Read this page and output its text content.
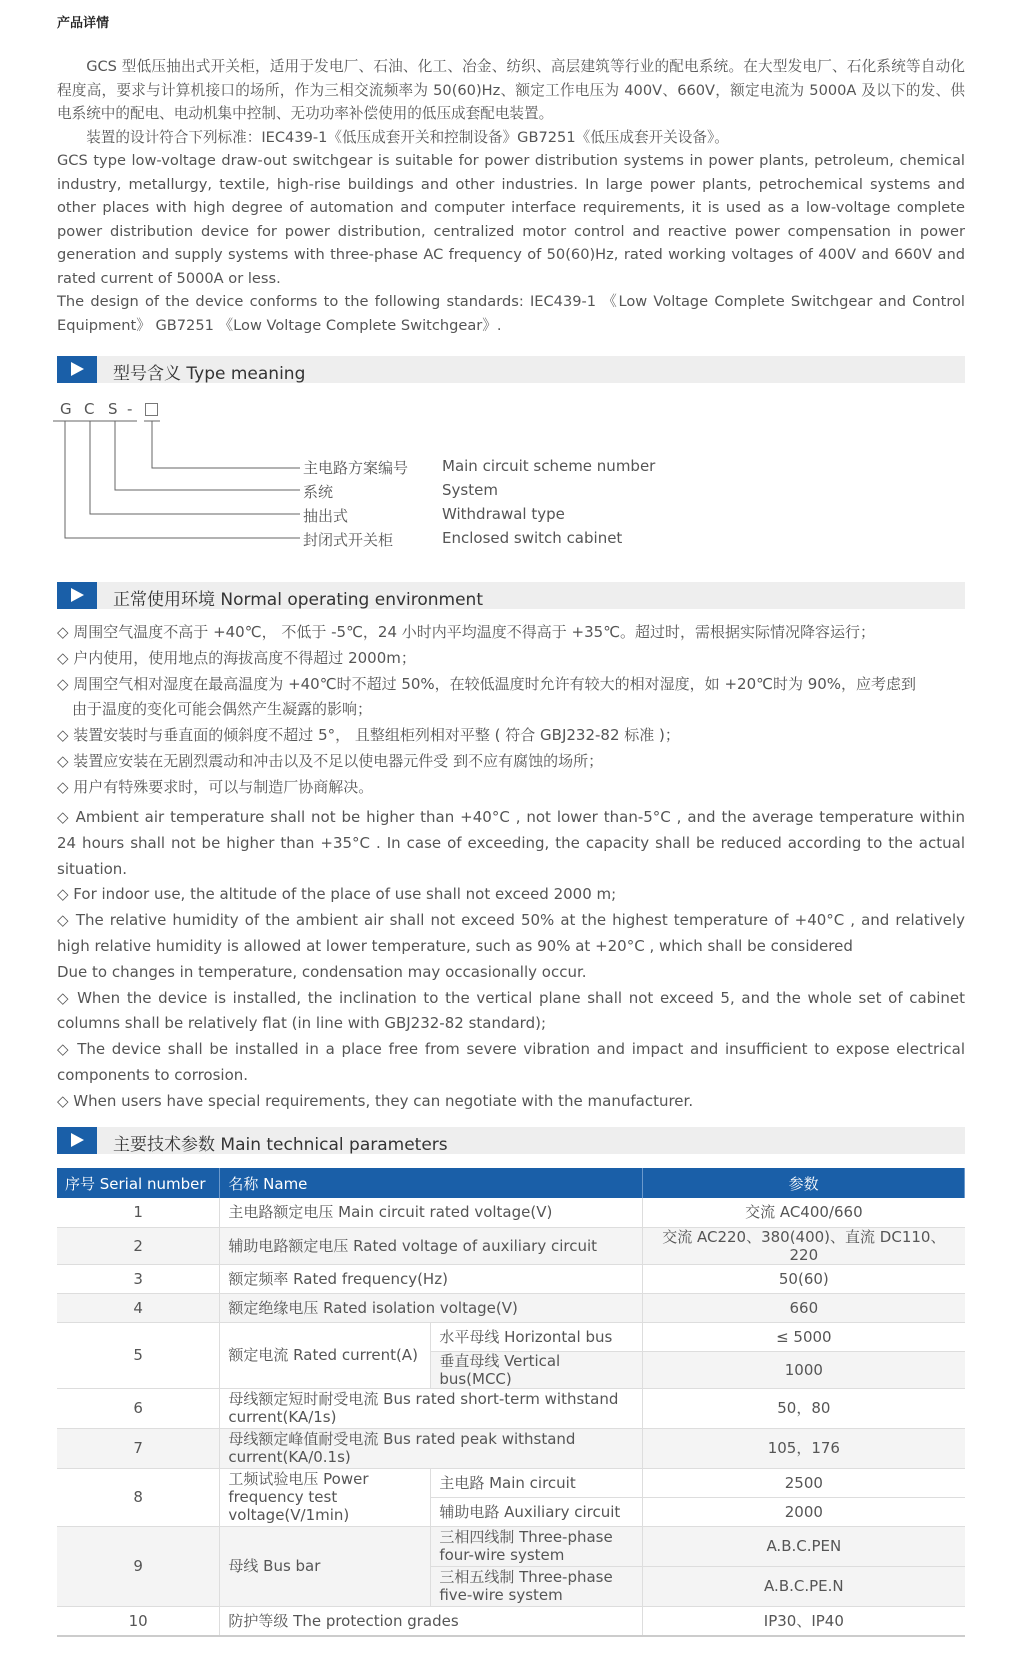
产品详情

GCS 型低压抽出式开关柜，适用于发电厂、石油、化工、冶金、纺织、高层建筑等行业的配电系统。在大型发电厂、石化系统等自动化程度高，要求与计算机接口的场所，作为三相交流频率为 50(60)Hz、额定工作电压为 400V、660V，额定电流为 5000A 及以下的发、供电系统中的配电、电动机集中控制、无功功率补偿使用的低压成套配电装置。

装置的设计符合下列标准：IEC439-1《低压成套开关和控制设备》GB7251《低压成套开关设备》。

GCS type low-voltage draw-out switchgear is suitable for power distribution systems in power plants, petroleum, chemical industry, metallurgy, textile, high-rise buildings and other industries. In large power plants, petrochemical systems and other places with high degree of automation and computer interface requirements, it is used as a low-voltage complete power distribution device for power distribution, centralized motor control and reactive power compensation in power generation and supply systems with three-phase AC frequency of 50(60)Hz, rated working voltages of 400V and 660V and rated current of 5000A or less.

The design of the device conforms to the following standards: IEC439-1 《Low Voltage Complete Switchgear and Control Equipment》 GB7251 《Low Voltage Complete Switchgear》.

型号含义 Type meaning
G C S -
主电路方案编号 Main circuit scheme number
系统	System
抽出式	Withdrawal type
封闭式开关柜	Enclosed switch cabinet
正常使用环境 Normal operating environment
◇ 周围空气温度不高于 +40℃， 不低于 -5℃，24 小时内平均温度不得高于 +35℃。超过时，需根据实际情况降容运行；
◇ 户内使用，使用地点的海拔高度不得超过 2000m；
◇ 周围空气相对湿度在最高温度为 +40℃时不超过 50%，在较低温度时允许有较大的相对湿度，如 +20℃时为 90%，应考虑到
由于温度的变化可能会偶然产生凝露的影响；
◇ 装置安装时与垂直面的倾斜度不超过 5°， 且整组柜列相对平整 ( 符合 GBJ232-82 标准 )；
◇ 装置应安装在无剧烈震动和冲击以及不足以使电器元件受 到不应有腐蚀的场所；
◇ 用户有特殊要求时，可以与制造厂协商解决。

◇ Ambient air temperature shall not be higher than +40°C , not lower than-5°C , and the average temperature within 24 hours shall not be higher than +35°C . In case of exceeding, the capacity shall be reduced according to the actual situation.

◇ For indoor use, the altitude of the place of use shall not exceed 2000 m;

◇ The relative humidity of the ambient air shall not exceed 50% at the highest temperature of +40°C , and relatively high relative humidity is allowed at lower temperature, such as 90% at +20°C , which shall be considered

Due to changes in temperature, condensation may occasionally occur.

◇ When the device is installed, the inclination to the vertical plane shall not exceed 5, and the whole set of cabinet columns shall be relatively flat (in line with GBJ232-82 standard);

◇ The device shall be installed in a place free from severe vibration and impact and insufficient to expose electrical components to corrosion.

◇ When users have special requirements, they can negotiate with the manufacturer.

主要技术参数 Main technical parameters
序号 Serial number	名称 Name		参数
1	主电路额定电压 Main circuit rated voltage(V)		交流 AC400/660
2	辅助电路额定电压 Rated voltage of auxiliary circuit		交流 AC220、380(400)、直流 DC110、220
3	额定频率 Rated frequency(Hz)		50(60)
4	额定绝缘电压 Rated isolation voltage(V)		660
5	额定电流 Rated current(A)	水平母线 Horizontal bus	≤ 5000
		垂直母线 Vertical bus(MCC)	1000
6	母线额定短时耐受电流 Bus rated short-term withstand current(KA/1s)		50，80
7	母线额定峰值耐受电流 Bus rated peak withstand current(KA/0.1s)		105，176
8	工频试验电压 Power frequency test voltage(V/1min)	主电路 Main circuit	2500
		辅助电路 Auxiliary circuit	2000
9	母线 Bus bar	三相四线制 Three-phase four-wire system	A.B.C.PEN
		三相五线制 Three-phase five-wire system	A.B.C.PE.N
10	防护等级 The protection grades		IP30、IP40
